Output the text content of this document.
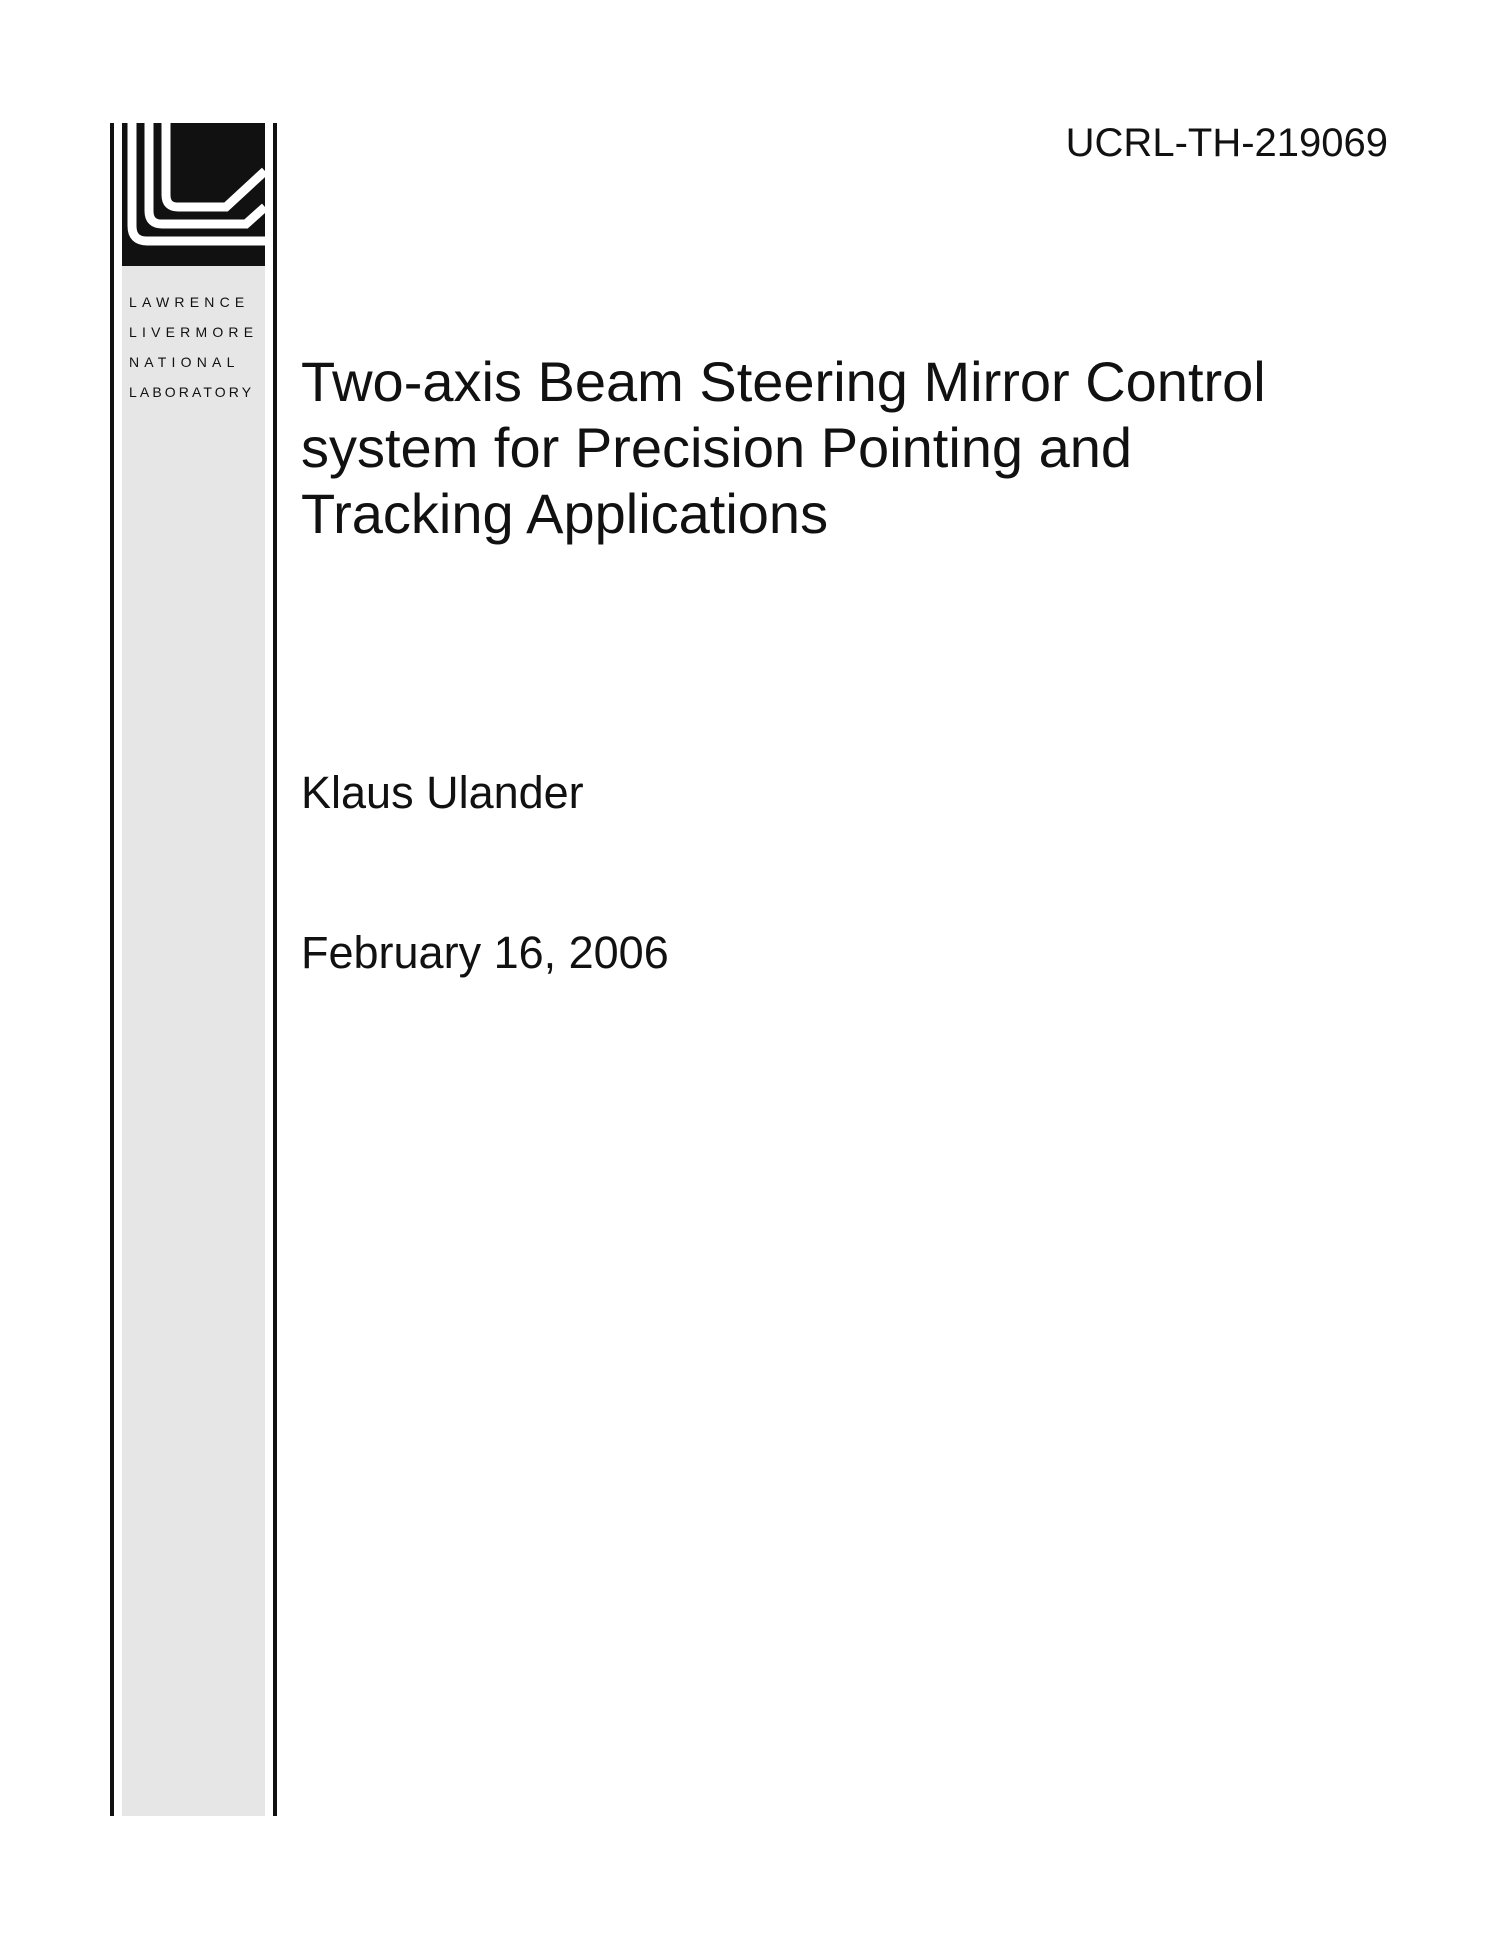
LAWRENCE
LIVERMORE
NATIONAL
LABORATORY
UCRL-TH-219069
Two-axis Beam Steering Mirror Control
system for Precision Pointing and
Tracking Applications
Klaus Ulander
February 16, 2006
